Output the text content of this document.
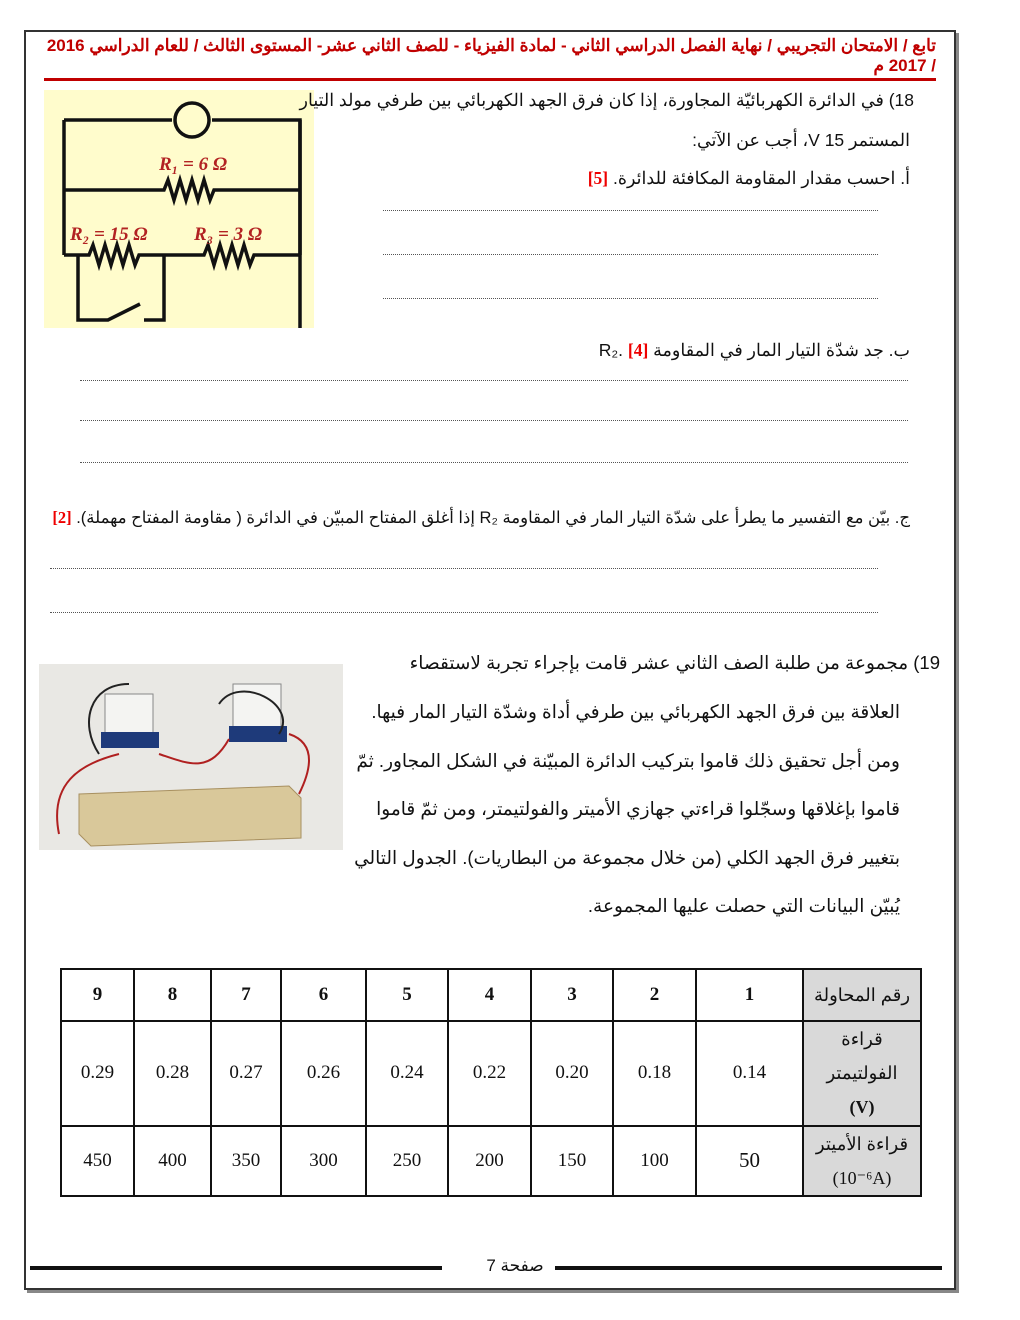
تابع / الامتحان التجريبي / نهاية الفصل الدراسي الثاني - لمادة الفيزياء - للصف الثاني عشر- المستوى الثالث / للعام الدراسي 2016 / 2017 م
R₁ = 6 Ω
R₂ = 15 Ω R₃ = 3 Ω
18) في الدائرة الكهربائيّة المجاورة، إذا كان فرق الجهد الكهربائي بين طرفي مولد التيار
المستمر 15 V، أجب عن الآتي:
أ. احسب مقدار المقاومة المكافئة للدائرة. [5]
ب. جد شدّة التيار المار في المقاومة R₂. [4]
ج. بيّن مع التفسير ما يطرأ على شدّة التيار المار في المقاومة R₂ إذا أغلق المفتاح المبيّن في الدائرة ( مقاومة المفتاح مهملة). [2]
19) مجموعة من طلبة الصف الثاني عشر قامت بإجراء تجربة لاستقصاء
العلاقة بين فرق الجهد الكهربائي بين طرفي أداة وشدّة التيار المار فيها.
ومن أجل تحقيق ذلك قاموا بتركيب الدائرة المبيّنة في الشكل المجاور. ثمّ
قاموا بإغلاقها وسجّلوا قراءتي جهازي الأميتر والفولتيمتر، ومن ثمّ قاموا
بتغيير فرق الجهد الكلي (من خلال مجموعة من البطاريات). الجدول التالي
يُبيّن البيانات التي حصلت عليها المجموعة.
رقم المحاولة	1	2	3	4	5	6	7	8	9
قراءة الفولتيمتر
(V)	0.14	0.18	0.20	0.22	0.24	0.26	0.27	0.28	0.29
قراءة الأميتر
(10⁻⁶A)	50	100	150	200	250	300	350	400	450
صفحة 7
